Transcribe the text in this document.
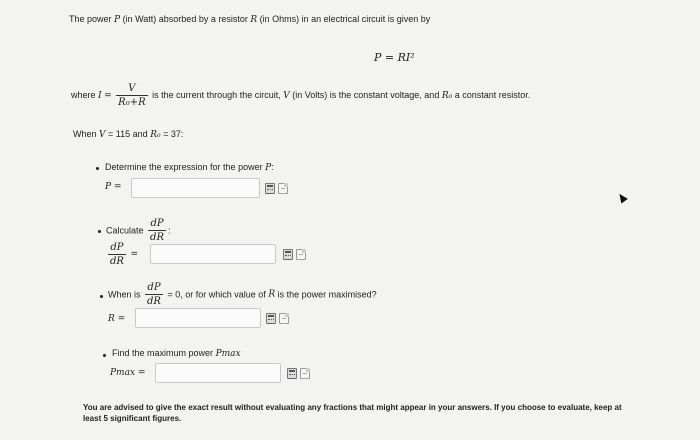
The power P (in Watt) absorbed by a resistor R (in Ohms) in an electrical circuit is given by
P = RI²
where $I = \frac{V}{\text{R₀+R}}$ is the current through the circuit, V (in Volts) is the constant voltage, and R₀ a constant resistor.
When V = 115 and R₀ = 37:
Determine the expression for the power P:
P =
Calculate $\frac{dP}{dR}$ :
$\frac{dP}{dR}$ =
When is $\frac{dP}{dR} = 0$, or for which value of R is the power maximised?
R =
Find the maximum power Pmax
Pmax =
You are advised to give the exact result without evaluating any fractions that might appear in your answers. If you choose to evaluate, keep at
least 5 significant figures.
